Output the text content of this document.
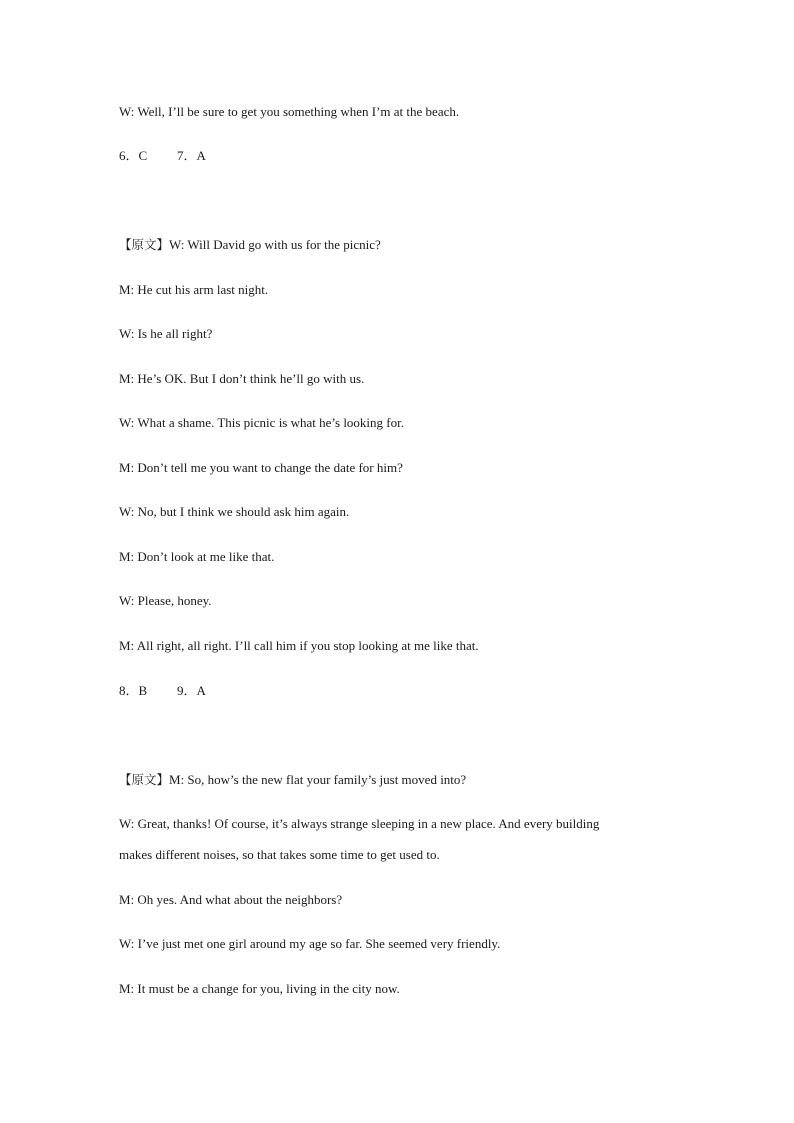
W: Well, I’ll be sure to get you something when I’m at the beach.
6．C 7．A
【原文】W: Will David go with us for the picnic?
M: He cut his arm last night.
W: Is he all right?
M: He’s OK. But I don’t think he’ll go with us.
W: What a shame. This picnic is what he’s looking for.
M: Don’t tell me you want to change the date for him?
W: No, but I think we should ask him again.
M: Don’t look at me like that.
W: Please, honey.
M: All right, all right. I’ll call him if you stop looking at me like that.
8．B 9．A
【原文】M: So, how’s the new flat your family’s just moved into?
W: Great, thanks! Of course, it’s always strange sleeping in a new place. And every building
makes different noises, so that takes some time to get used to.
M: Oh yes. And what about the neighbors?
W: I’ve just met one girl around my age so far. She seemed very friendly.
M: It must be a change for you, living in the city now.
